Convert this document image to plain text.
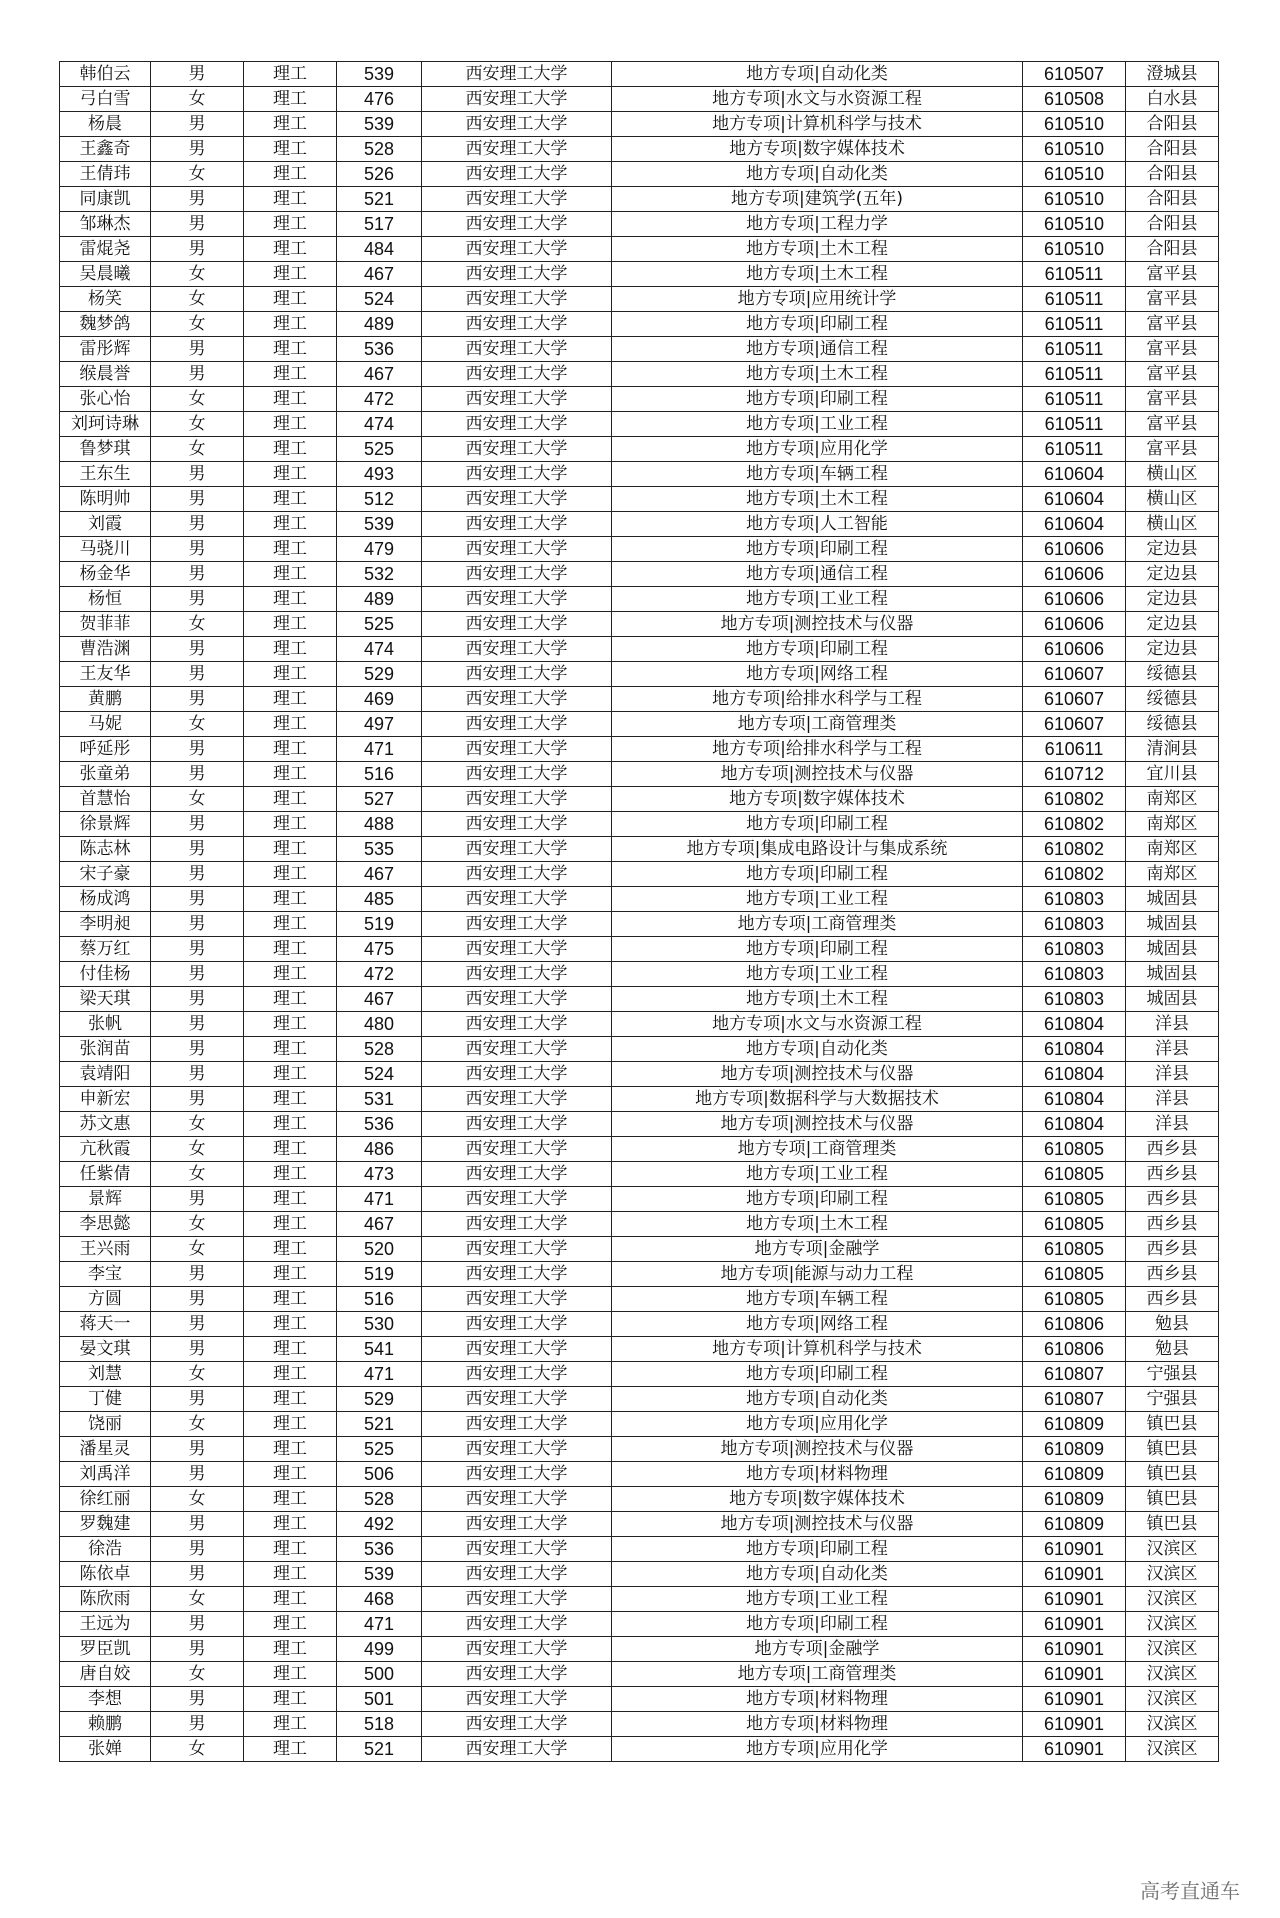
韩伯云	男	理工	539	西安理工大学	地方专项|自动化类	610507	澄城县
弓白雪	女	理工	476	西安理工大学	地方专项|水文与水资源工程	610508	白水县
杨晨	男	理工	539	西安理工大学	地方专项|计算机科学与技术	610510	合阳县
王鑫奇	男	理工	528	西安理工大学	地方专项|数字媒体技术	610510	合阳县
王倩玮	女	理工	526	西安理工大学	地方专项|自动化类	610510	合阳县
同康凯	男	理工	521	西安理工大学	地方专项|建筑学(五年)	610510	合阳县
邹琳杰	男	理工	517	西安理工大学	地方专项|工程力学	610510	合阳县
雷焜尧	男	理工	484	西安理工大学	地方专项|土木工程	610510	合阳县
吴晨曦	女	理工	467	西安理工大学	地方专项|土木工程	610511	富平县
杨笑	女	理工	524	西安理工大学	地方专项|应用统计学	610511	富平县
魏梦鸽	女	理工	489	西安理工大学	地方专项|印刷工程	610511	富平县
雷彤辉	男	理工	536	西安理工大学	地方专项|通信工程	610511	富平县
缑晨誉	男	理工	467	西安理工大学	地方专项|土木工程	610511	富平县
张心怡	女	理工	472	西安理工大学	地方专项|印刷工程	610511	富平县
刘珂诗琳	女	理工	474	西安理工大学	地方专项|工业工程	610511	富平县
鲁梦琪	女	理工	525	西安理工大学	地方专项|应用化学	610511	富平县
王东生	男	理工	493	西安理工大学	地方专项|车辆工程	610604	横山区
陈明帅	男	理工	512	西安理工大学	地方专项|土木工程	610604	横山区
刘霞	男	理工	539	西安理工大学	地方专项|人工智能	610604	横山区
马骁川	男	理工	479	西安理工大学	地方专项|印刷工程	610606	定边县
杨金华	男	理工	532	西安理工大学	地方专项|通信工程	610606	定边县
杨恒	男	理工	489	西安理工大学	地方专项|工业工程	610606	定边县
贺菲菲	女	理工	525	西安理工大学	地方专项|测控技术与仪器	610606	定边县
曹浩渊	男	理工	474	西安理工大学	地方专项|印刷工程	610606	定边县
王友华	男	理工	529	西安理工大学	地方专项|网络工程	610607	绥德县
黄鹏	男	理工	469	西安理工大学	地方专项|给排水科学与工程	610607	绥德县
马妮	女	理工	497	西安理工大学	地方专项|工商管理类	610607	绥德县
呼延彤	男	理工	471	西安理工大学	地方专项|给排水科学与工程	610611	清涧县
张童弟	男	理工	516	西安理工大学	地方专项|测控技术与仪器	610712	宜川县
首慧怡	女	理工	527	西安理工大学	地方专项|数字媒体技术	610802	南郑区
徐景辉	男	理工	488	西安理工大学	地方专项|印刷工程	610802	南郑区
陈志林	男	理工	535	西安理工大学	地方专项|集成电路设计与集成系统	610802	南郑区
宋子豪	男	理工	467	西安理工大学	地方专项|印刷工程	610802	南郑区
杨成鸿	男	理工	485	西安理工大学	地方专项|工业工程	610803	城固县
李明昶	男	理工	519	西安理工大学	地方专项|工商管理类	610803	城固县
蔡万红	男	理工	475	西安理工大学	地方专项|印刷工程	610803	城固县
付佳杨	男	理工	472	西安理工大学	地方专项|工业工程	610803	城固县
梁天琪	男	理工	467	西安理工大学	地方专项|土木工程	610803	城固县
张帆	男	理工	480	西安理工大学	地方专项|水文与水资源工程	610804	洋县
张润苗	男	理工	528	西安理工大学	地方专项|自动化类	610804	洋县
袁靖阳	男	理工	524	西安理工大学	地方专项|测控技术与仪器	610804	洋县
申新宏	男	理工	531	西安理工大学	地方专项|数据科学与大数据技术	610804	洋县
苏文惠	女	理工	536	西安理工大学	地方专项|测控技术与仪器	610804	洋县
亢秋霞	女	理工	486	西安理工大学	地方专项|工商管理类	610805	西乡县
任紫倩	女	理工	473	西安理工大学	地方专项|工业工程	610805	西乡县
景辉	男	理工	471	西安理工大学	地方专项|印刷工程	610805	西乡县
李思懿	女	理工	467	西安理工大学	地方专项|土木工程	610805	西乡县
王兴雨	女	理工	520	西安理工大学	地方专项|金融学	610805	西乡县
李宝	男	理工	519	西安理工大学	地方专项|能源与动力工程	610805	西乡县
方圆	男	理工	516	西安理工大学	地方专项|车辆工程	610805	西乡县
蒋天一	男	理工	530	西安理工大学	地方专项|网络工程	610806	勉县
晏文琪	男	理工	541	西安理工大学	地方专项|计算机科学与技术	610806	勉县
刘慧	女	理工	471	西安理工大学	地方专项|印刷工程	610807	宁强县
丁健	男	理工	529	西安理工大学	地方专项|自动化类	610807	宁强县
饶丽	女	理工	521	西安理工大学	地方专项|应用化学	610809	镇巴县
潘星灵	男	理工	525	西安理工大学	地方专项|测控技术与仪器	610809	镇巴县
刘禹洋	男	理工	506	西安理工大学	地方专项|材料物理	610809	镇巴县
徐红丽	女	理工	528	西安理工大学	地方专项|数字媒体技术	610809	镇巴县
罗魏建	男	理工	492	西安理工大学	地方专项|测控技术与仪器	610809	镇巴县
徐浩	男	理工	536	西安理工大学	地方专项|印刷工程	610901	汉滨区
陈依卓	男	理工	539	西安理工大学	地方专项|自动化类	610901	汉滨区
陈欣雨	女	理工	468	西安理工大学	地方专项|工业工程	610901	汉滨区
王远为	男	理工	471	西安理工大学	地方专项|印刷工程	610901	汉滨区
罗臣凯	男	理工	499	西安理工大学	地方专项|金融学	610901	汉滨区
唐自姣	女	理工	500	西安理工大学	地方专项|工商管理类	610901	汉滨区
李想	男	理工	501	西安理工大学	地方专项|材料物理	610901	汉滨区
赖鹏	男	理工	518	西安理工大学	地方专项|材料物理	610901	汉滨区
张婵	女	理工	521	西安理工大学	地方专项|应用化学	610901	汉滨区
高考直通车
